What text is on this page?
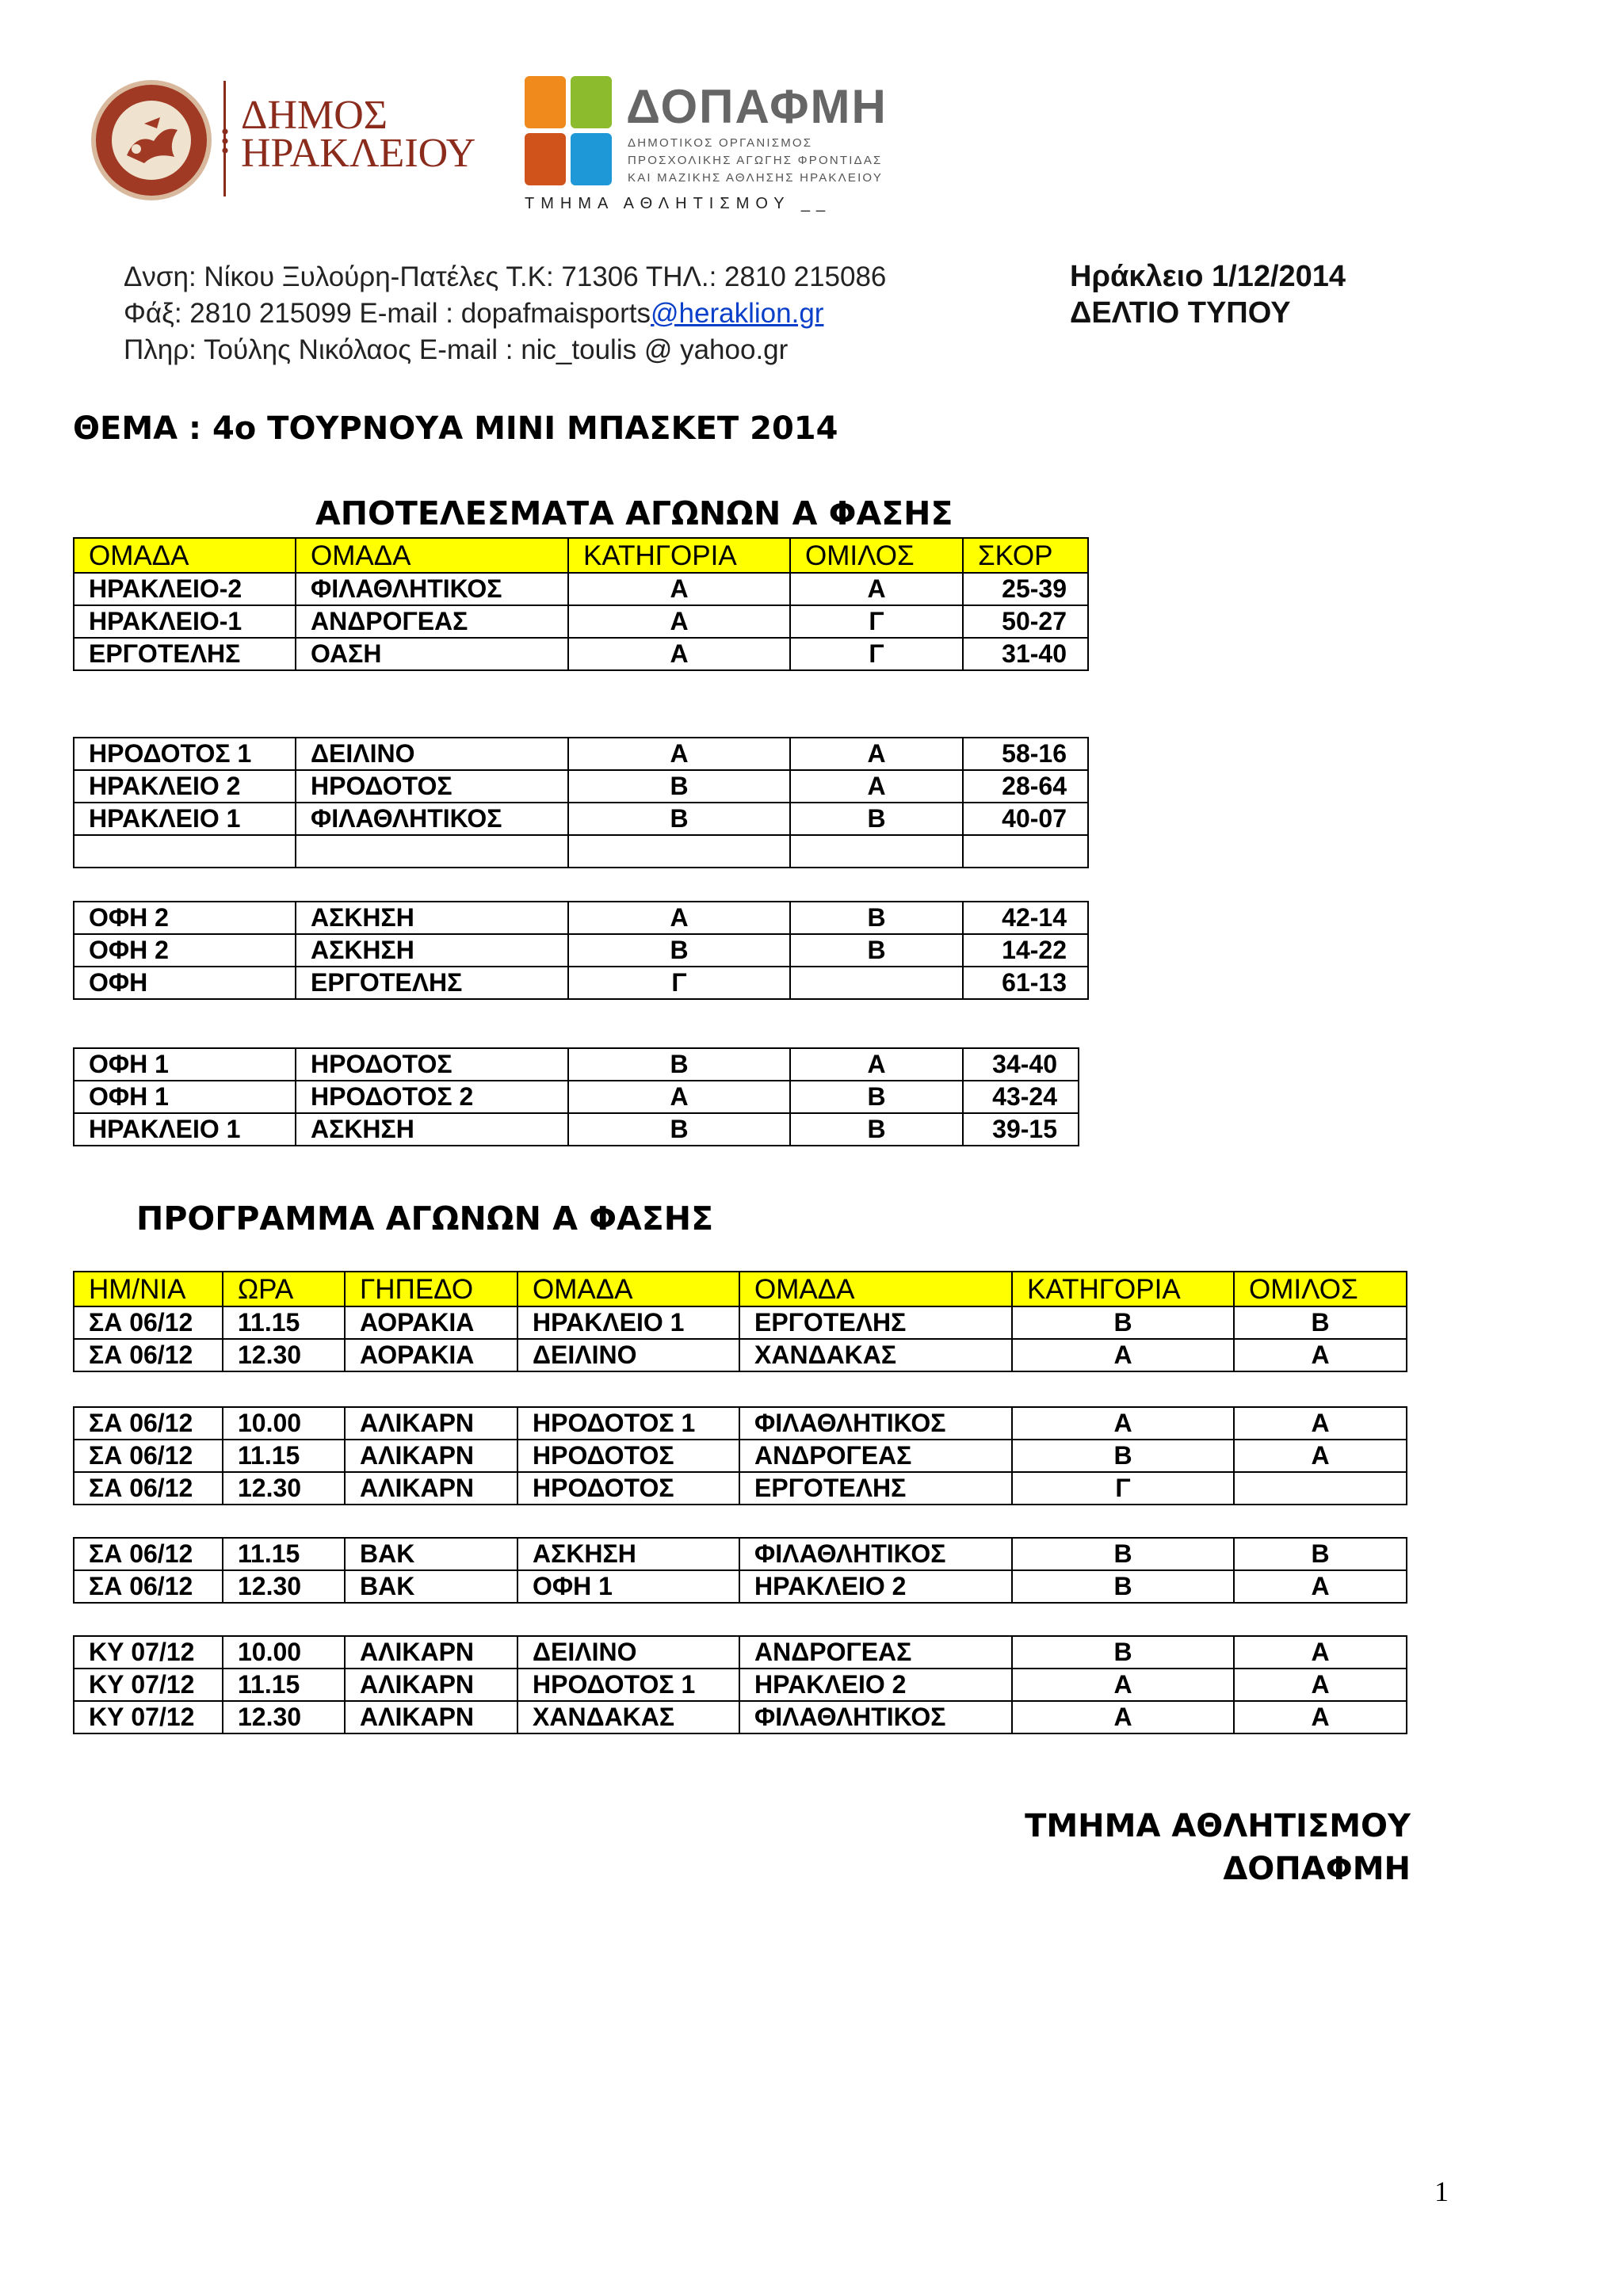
ΔΗΜΟΣ
ΗΡΑΚΛΕΙΟΥ
ΔΟΠΑΦΜΗ
ΔΗΜΟΤΙΚΟΣ ΟΡΓΑΝΙΣΜΟΣ
ΠΡΟΣΧΟΛΙΚΗΣ ΑΓΩΓΗΣ ΦΡΟΝΤΙΔΑΣ
ΚΑΙ ΜΑΖΙΚΗΣ ΑΘΛΗΣΗΣ ΗΡΑΚΛΕΙΟΥ
ΤΜΗΜΑ ΑΘΛΗΤΙΣΜΟΥ __
Δνση: Νίκου Ξυλούρη-Πατέλες Τ.Κ: 71306 ΤΗΛ.: 2810 215086
Φάξ: 2810 215099 E-mail : dopafmaisports@heraklion.gr
Πληρ: Τούλης Νικόλαος E-mail : nic_toulis @ yahoo.gr
Ηράκλειο 1/12/2014
ΔΕΛΤΙΟ ΤΥΠΟΥ
ΘΕΜΑ : 4ο ΤΟΥΡΝΟΥΑ ΜΙΝΙ ΜΠΑΣΚΕΤ 2014
ΑΠΟΤΕΛΕΣΜΑΤΑ ΑΓΩΝΩΝ Α ΦΑΣΗΣ
ΟΜΑΔΑ	ΟΜΑΔΑ	ΚΑΤΗΓΟΡΙΑ	ΟΜΙΛΟΣ	ΣΚΟΡ
ΗΡΑΚΛΕΙΟ-2	ΦΙΛΑΘΛΗΤΙΚΟΣ	Α	Α	25-39
ΗΡΑΚΛΕΙΟ-1	ΑΝΔΡΟΓΕΑΣ	Α	Γ	50-27
ΕΡΓΟΤΕΛΗΣ	ΟΑΣΗ	Α	Γ	31-40
ΗΡΟΔΟΤΟΣ 1	ΔΕΙΛΙΝΟ	Α	Α	58-16
ΗΡΑΚΛΕΙΟ 2	ΗΡΟΔΟΤΟΣ	Β	Α	28-64
ΗΡΑΚΛΕΙΟ 1	ΦΙΛΑΘΛΗΤΙΚΟΣ	Β	Β	40-07

ΟΦΗ 2	ΑΣΚΗΣΗ	Α	Β	42-14
ΟΦΗ 2	ΑΣΚΗΣΗ	Β	Β	14-22
ΟΦΗ	ΕΡΓΟΤΕΛΗΣ	Γ		61-13
ΟΦΗ 1	ΗΡΟΔΟΤΟΣ	Β	Α	34-40
ΟΦΗ 1	ΗΡΟΔΟΤΟΣ 2	Α	Β	43-24
ΗΡΑΚΛΕΙΟ 1	ΑΣΚΗΣΗ	Β	Β	39-15
ΠΡΟΓΡΑΜΜΑ ΑΓΩΝΩΝ Α ΦΑΣΗΣ
ΗΜ/ΝΙΑ	ΩΡΑ	ΓΗΠΕΔΟ	ΟΜΑΔΑ	ΟΜΑΔΑ	ΚΑΤΗΓΟΡΙΑ	ΟΜΙΛΟΣ
ΣΑ 06/12	11.15	ΑΟΡΑΚΙΑ	ΗΡΑΚΛΕΙΟ 1	ΕΡΓΟΤΕΛΗΣ	Β	Β
ΣΑ 06/12	12.30	ΑΟΡΑΚΙΑ	ΔΕΙΛΙΝΟ	ΧΑΝΔΑΚΑΣ	Α	Α
ΣΑ 06/12	10.00	ΑΛΙΚΑΡΝ	ΗΡΟΔΟΤΟΣ 1	ΦΙΛΑΘΛΗΤΙΚΟΣ	Α	Α
ΣΑ 06/12	11.15	ΑΛΙΚΑΡΝ	ΗΡΟΔΟΤΟΣ	ΑΝΔΡΟΓΕΑΣ	Β	Α
ΣΑ 06/12	12.30	ΑΛΙΚΑΡΝ	ΗΡΟΔΟΤΟΣ	ΕΡΓΟΤΕΛΗΣ	Γ	
ΣΑ 06/12	11.15	ΒΑΚ	ΑΣΚΗΣΗ	ΦΙΛΑΘΛΗΤΙΚΟΣ	Β	Β
ΣΑ 06/12	12.30	ΒΑΚ	ΟΦΗ 1	ΗΡΑΚΛΕΙΟ 2	Β	Α
ΚΥ 07/12	10.00	ΑΛΙΚΑΡΝ	ΔΕΙΛΙΝΟ	ΑΝΔΡΟΓΕΑΣ	Β	Α
ΚΥ 07/12	11.15	ΑΛΙΚΑΡΝ	ΗΡΟΔΟΤΟΣ 1	ΗΡΑΚΛΕΙΟ 2	Α	Α
ΚΥ 07/12	12.30	ΑΛΙΚΑΡΝ	ΧΑΝΔΑΚΑΣ	ΦΙΛΑΘΛΗΤΙΚΟΣ	Α	Α
ΤΜΗΜΑ ΑΘΛΗΤΙΣΜΟΥ
ΔΟΠΑΦΜΗ
1
